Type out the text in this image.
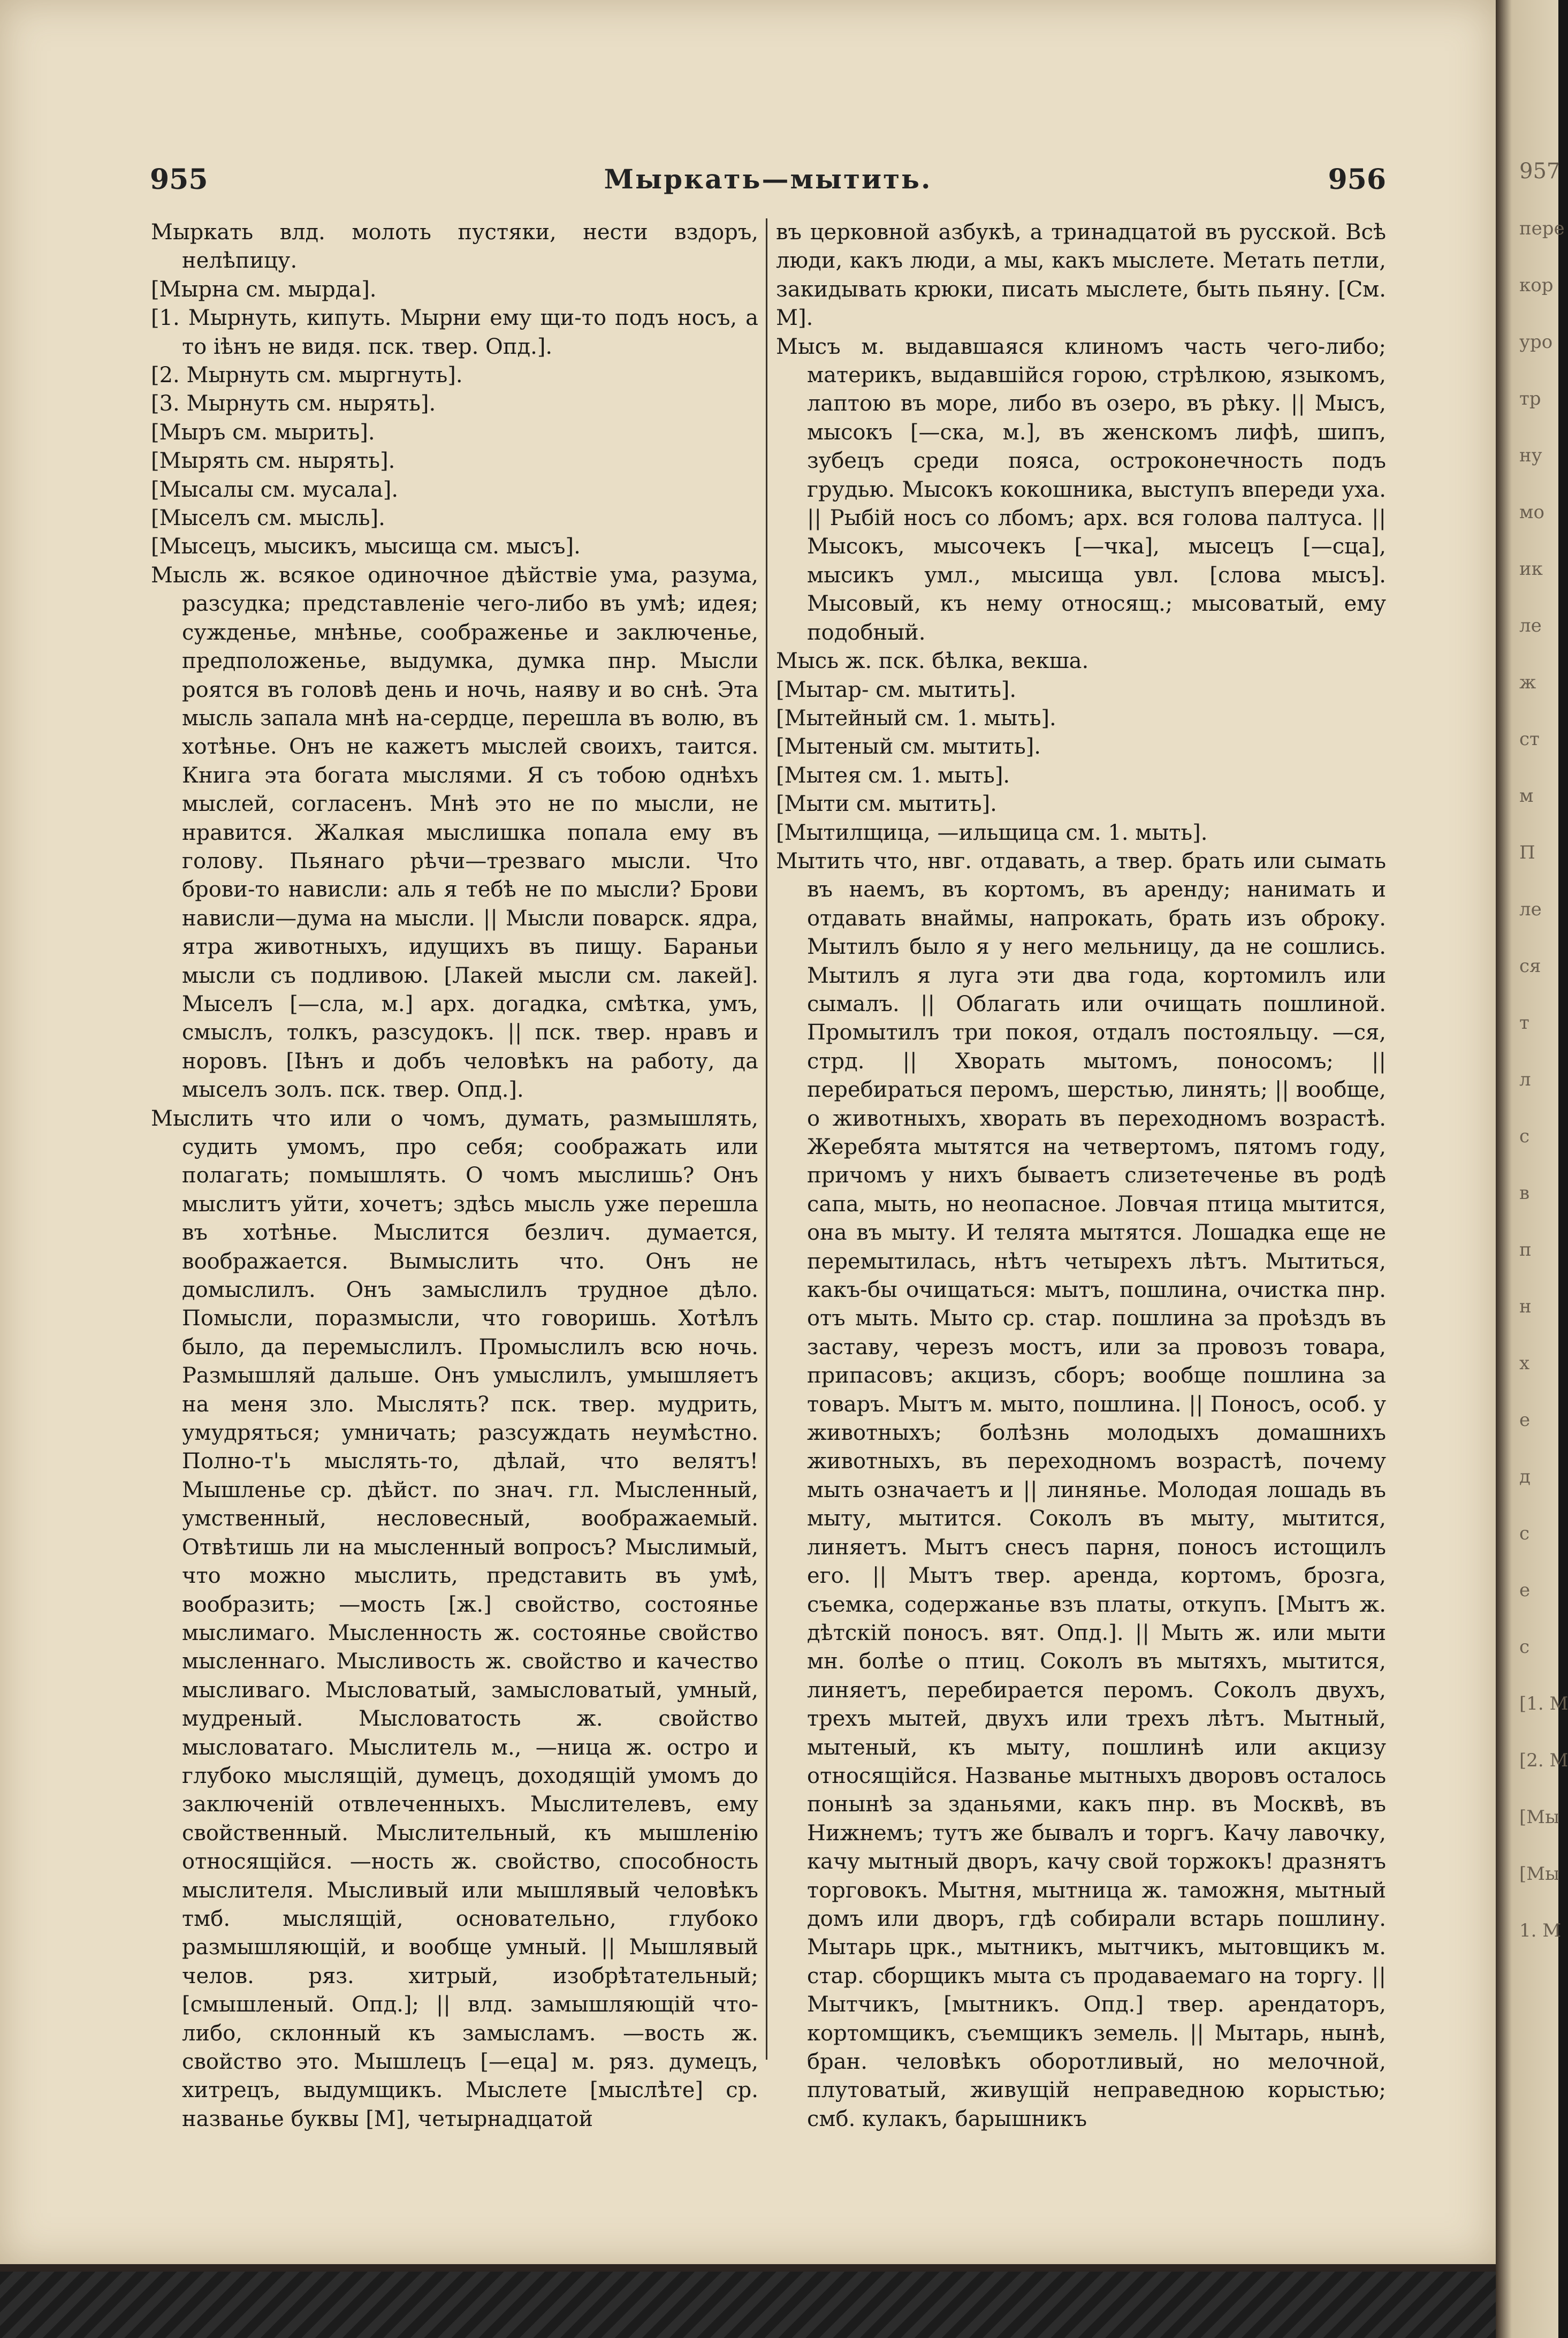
955	Мыркать—мытить.	956

Мыркать влд. молоть пустяки, нести вздоръ, нелѣпицу.

[Мырна см. мырда].

[1. Мырнуть, кипуть. Мырни ему щи-то подъ носъ, а то iѣнъ не видя. пск. твер. Опд.].

[2. Мырнуть см. мыргнуть].

[3. Мырнуть см. нырять].

[Мыръ см. мырить].

[Мырять см. нырять].

[Мысалы см. мусала].

[Мыселъ см. мысль].

[Мысецъ, мысикъ, мысища см. мысъ].

Мысль ж. всякое одиночное дѣйствiе ума, разума, разсудка; представленiе чего-либо въ умѣ; идея; сужденье, мнѣнье, соображенье и заключенье, предположенье, выдумка, думка пнр. Мысли роятся въ головѣ день и ночь, наяву и во снѣ. Эта мысль запала мнѣ на-сердце, перешла въ волю, въ хотѣнье. Онъ не кажетъ мыслей своихъ, таится. Книга эта богата мыслями. Я съ тобою однѣхъ мыслей, согласенъ. Мнѣ это не по мысли, не нравится. Жалкая мыслишка попала ему въ голову. Пьянаго рѣчи—трезваго мысли. Что брови-то нависли: аль я тебѣ не по мысли? Брови нависли—дума на мысли. || Мысли поварск. ядра, ятра животныхъ, идущихъ въ пищу. Бараньи мысли съ подливою. [Лакей мысли см. лакей]. Мыселъ [—сла, м.] арх. догадка, смѣтка, умъ, смыслъ, толкъ, разсудокъ. || пск. твер. нравъ и норовъ. [Iѣнъ и добъ человѣкъ на работу, да мыселъ золъ. пск. твер. Опд.].

Мыслить что или о чомъ, думать, размышлять, судить умомъ, про себя; соображать или полагать; помышлять. О чомъ мыслишь? Онъ мыслитъ уйти, хочетъ; здѣсь мысль уже перешла въ хотѣнье. Мыслится безлич. думается, воображается. Вымыслить что. Онъ не домыслилъ. Онъ замыслилъ трудное дѣло. Помысли, поразмысли, что говоришь. Хотѣлъ было, да перемыслилъ. Промыслилъ всю ночь. Размышляй дальше. Онъ умыслилъ, умышляетъ на меня зло. Мыслять? пск. твер. мудрить, умудряться; умничать; разсуждать неумѣстно. Полно-т'ь мыслять-то, дѣлай, что велятъ! Мышленье ср. дѣйст. по знач. гл. Мысленный, умственный, несловесный, воображаемый. Отвѣтишь ли на мысленный вопросъ? Мыслимый, что можно мыслить, представить въ умѣ, вообразить; —мость [ж.] свойство, состоянье мыслимаго. Мысленность ж. состоянье свойство мысленнаго. Мысливость ж. свойство и качество мысливаго. Мысловатый, замысловатый, умный, мудреный. Мысловатость ж. свойство мысловатаго. Мыслитель м., —ница ж. остро и глубоко мыслящiй, думецъ, доходящiй умомъ до заключенiй отвлеченныхъ. Мыслителевъ, ему свойственный. Мыслительный, къ мышленiю относящiйся. —ность ж. свойство, способность мыслителя. Мысливый или мышлявый человѣкъ тмб. мыслящiй, основательно, глубоко размышляющiй, и вообще умный. || Мышлявый челов. ряз. хитрый, изобрѣтательный; [смышленый. Опд.]; || влд. замышляющiй что-либо, склонный къ замысламъ. —вость ж. свойство это. Мышлецъ [—еца] м. ряз. думецъ, хитрецъ, выдумщикъ. Мыслете [мыслѣте] ср. названье буквы [М], четырнадцатой

въ церковной азбукѣ, а тринадцатой въ русской. Всѣ люди, какъ люди, а мы, какъ мыслете. Метать петли, закидывать крюки, писать мыслете, быть пьяну. [См. М].

Мысъ м. выдавшаяся клиномъ часть чего-либо; материкъ, выдавшiйся горою, стрѣлкою, языкомъ, лаптою въ море, либо въ озеро, въ рѣку. || Мысъ, мысокъ [—ска, м.], въ женскомъ лифѣ, шипъ, зубецъ среди пояса, остроконечность подъ грудью. Мысокъ кокошника, выступъ впереди уха. || Рыбiй носъ со лбомъ; арх. вся голова палтуса. || Мысокъ, мысочекъ [—чка], мысецъ [—сца], мысикъ умл., мысища увл. [слова мысъ]. Мысовый, къ нему относящ.; мысоватый, ему подобный.

Мысь ж. пск. бѣлка, векша.

[Мытар- см. мытить].

[Мытейный см. 1. мыть].

[Мытеный см. мытить].

[Мытея см. 1. мыть].

[Мыти см. мытить].

[Мытилщица, —ильщица см. 1. мыть].

Мытить что, нвг. отдавать, а твер. брать или сымать въ наемъ, въ кортомъ, въ аренду; нанимать и отдавать внаймы, напрокать, брать изъ оброку. Мытилъ было я у него мельницу, да не сошлись. Мытилъ я луга эти два года, кортомилъ или сымалъ. || Облагать или очищать пошлиной. Промытилъ три покоя, отдалъ постояльцу. —ся, стрд. || Хворать мытомъ, поносомъ; || перебираться перомъ, шерстью, линять; || вообще, о животныхъ, хворать въ переходномъ возрастѣ. Жеребята мытятся на четвертомъ, пятомъ году, причомъ у нихъ бываетъ слизетеченье въ родѣ сапа, мыть, но неопасное. Ловчая птица мытится, она въ мыту. И телята мытятся. Лошадка еще не перемытилась, нѣтъ четырехъ лѣтъ. Мытиться, какъ-бы очищаться: мытъ, пошлина, очистка пнр. отъ мыть. Мыто ср. стар. пошлина за проѣздъ въ заставу, черезъ мостъ, или за провозъ товара, припасовъ; акцизъ, сборъ; вообще пошлина за товаръ. Мытъ м. мыто, пошлина. || Поносъ, особ. у животныхъ; болѣзнь молодыхъ домашнихъ животныхъ, въ переходномъ возрастѣ, почему мыть означаетъ и || линянье. Молодая лошадь въ мыту, мытится. Соколъ въ мыту, мытится, линяетъ. Мытъ снесъ парня, поносъ истощилъ его. || Мытъ твер. аренда, кортомъ, брозга, съемка, содержанье взъ платы, откупъ. [Мытъ ж. дѣтскiй поносъ. вят. Опд.]. || Мыть ж. или мыти мн. болѣе о птиц. Соколъ въ мытяхъ, мытится, линяетъ, перебирается перомъ. Соколъ двухъ, трехъ мытей, двухъ или трехъ лѣтъ. Мытный, мытеный, къ мыту, пошлинѣ или акцизу относящiйся. Названье мытныхъ дворовъ осталось понынѣ за зданьями, какъ пнр. въ Москвѣ, въ Нижнемъ; тутъ же бывалъ и торгъ. Качу лавочку, качу мытный дворъ, качу свой торжокъ! дразнятъ торговокъ. Мытня, мытница ж. таможня, мытный домъ или дворъ, гдѣ собирали встарь пошлину. Мытарь црк., мытникъ, мытчикъ, мытовщикъ м. стар. сборщикъ мыта съ продаваемаго на торгу. || Мытчикъ, [мытникъ. Опд.] твер. арендаторъ, кортомщикъ, съемщикъ земель. || Мытарь, нынѣ, бран. человѣкъ оборотливый, но мелочной, плутоватый, живущiй неправедною корыстью; смб. кулакъ, барышникъ

957
пере
кор
уро
тр
ну
мо
ик
ле
ж
ст
м
П
ле
ся
т
л
с
в
п
н
х
е
д
с
е
с
[1. М
[2. М
[Мы
[Мы
1. М
